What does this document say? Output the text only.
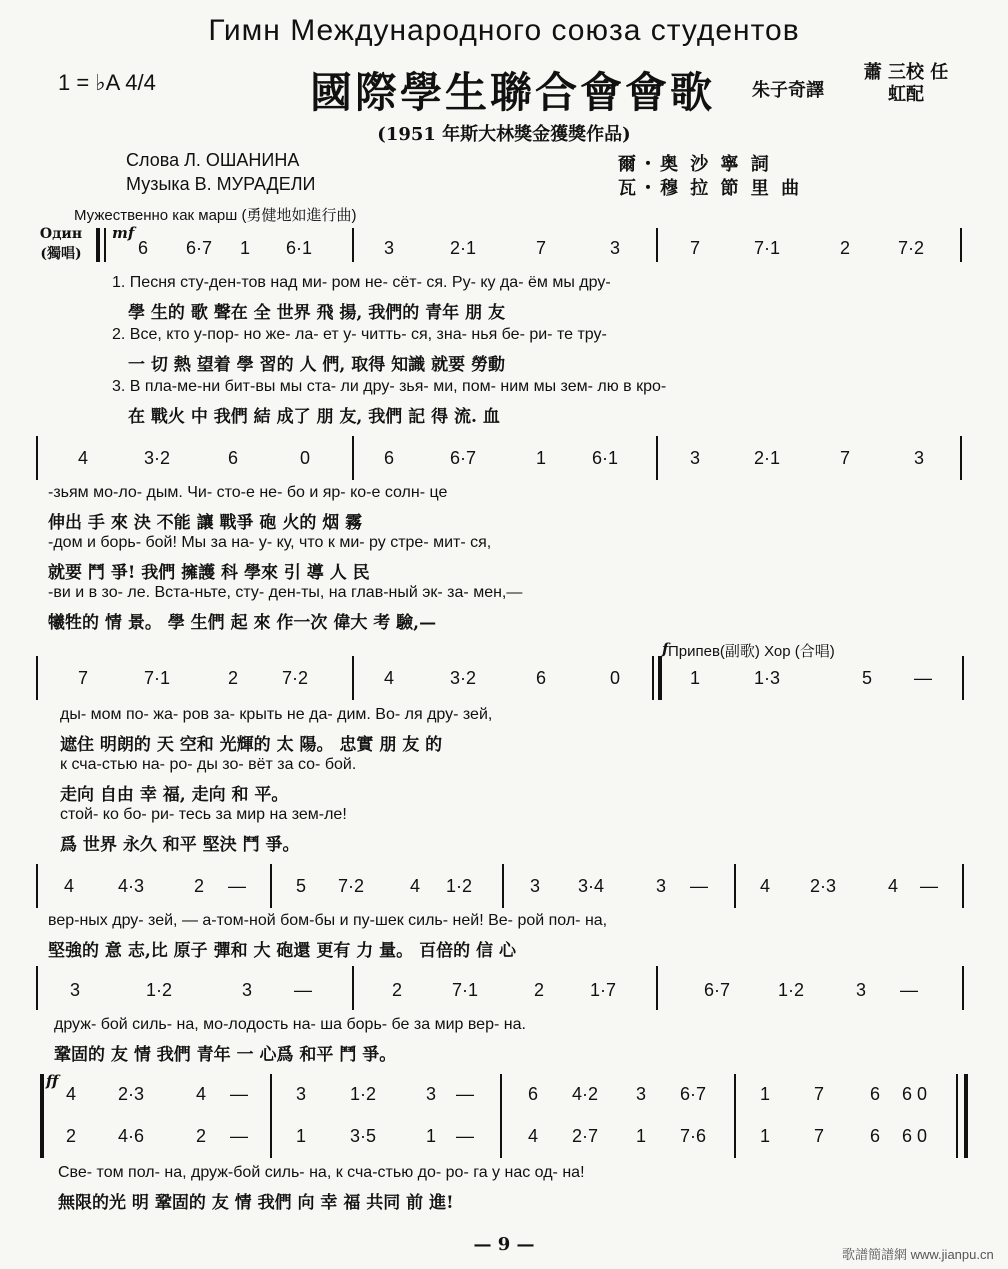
Гимн Международного союза студентов
1 = ♭A 4/4	國際學生聯合會會歌 朱子奇譯
蕭 三校 任 虹配
(1951 年斯大林獎金獲獎作品)
Слова Л. ОШАНИНА
Музыка В. МУРАДЕЛИ
爾・奥 沙 寧 詞
瓦・穆 拉 節 里 曲
Мужественно как марш (勇健地如進行曲)
Один (獨唱)
mf
f
ff
Припев(副歌) Хор (合唱)
6 6·7 1 6·1	3	2·1	7	3	7	7·1	2	7·2
1. Песня сту-ден-тов над ми- ром не- сёт- ся. Ру- ку да- ём мы дру-
學 生的 歌 聲在 全 世界 飛 揚, 我們的 青年 朋 友
2. Все, кто у-пор- но же- ла- ет у- читть- ся, зна- нья бе- ри- те тру-
一 切 熱 望着 學 習的 人 們, 取得 知識 就要 勞動
3. В пла-ме-ни бит-вы мы ста- ли дру- зья- ми, пом- ним мы зем- лю в кро-
在 戰火 中 我們 結 成了 朋 友, 我們 記 得 流. 血
4	3·2	6	0	6	6·7	1	6·1	3	2·1	7	3
-зьям мо-ло- дым. Чи- сто-е не- бо и яр- ко-е солн- це
伸出 手 來 決 不能 讓 戰爭 砲 火的 烟 霧
-дом и борь- бой! Мы за на- у- ку, что к ми- ру стре- мит- ся,
就要 鬥 爭! 我們 擁護 科 學來 引 導 人 民
-ви и в зо- ле. Вста-ньте, сту- ден-ты, на глав-ный эк- за- мен,—
犧牲的 情 景。 學 生們 起 來 作一次 偉大 考 驗,—
7	7·1	2 7·2	4	3·2	6	0	1	1·3	5 —
ды- мом по- жа- ров за- крыть не да- дим. Во- ля дру- зей,
遮住 明朗的 天 空和 光輝的 太 陽。 忠實 朋 友 的
к сча-стью на- ро- ды зо- вёт за со- бой.
走向 自由 幸 福, 走向 和 平。
стой- ко бо- ри- тесь за мир на зем-ле!
爲 世界 永久 和平 堅決 鬥 爭。
4 4·3	2 —	5 7·2	4 1·2	3 3·4	3 —	4 2·3	4 —
вер-ных дру- зей, — а-том-ной бом-бы и пу-шек силь- ней! Ве- рой пол- на,
堅強的 意 志,比 原子 彈和 大 砲還 更有 力 量。 百倍的 信 心
3	1·2	3 —	2	7·1	2	1·7	6·7	1·2	3 —
друж- бой силь- на, мо-лодость на- ша борь- бе за мир вер- на.
鞏固的 友 情 我們 青年 一 心爲 和平 鬥 爭。
4 2·3	4 —	3 1·2	3 —	6 4·2 3 6·7	1 7	6 6 0
2 4·6	2 —	1 3·5	1 —	4 2·7 1 7·6	1 7	6 6 0
Све- том пол- на, друж-бой силь- на, к сча-стью до- ро- га у нас од- на!
無限的光 明 鞏固的 友 情 我們 向 幸 福 共同 前 進!
— 9 —	歌譜簡譜網 www.jianpu.cn
